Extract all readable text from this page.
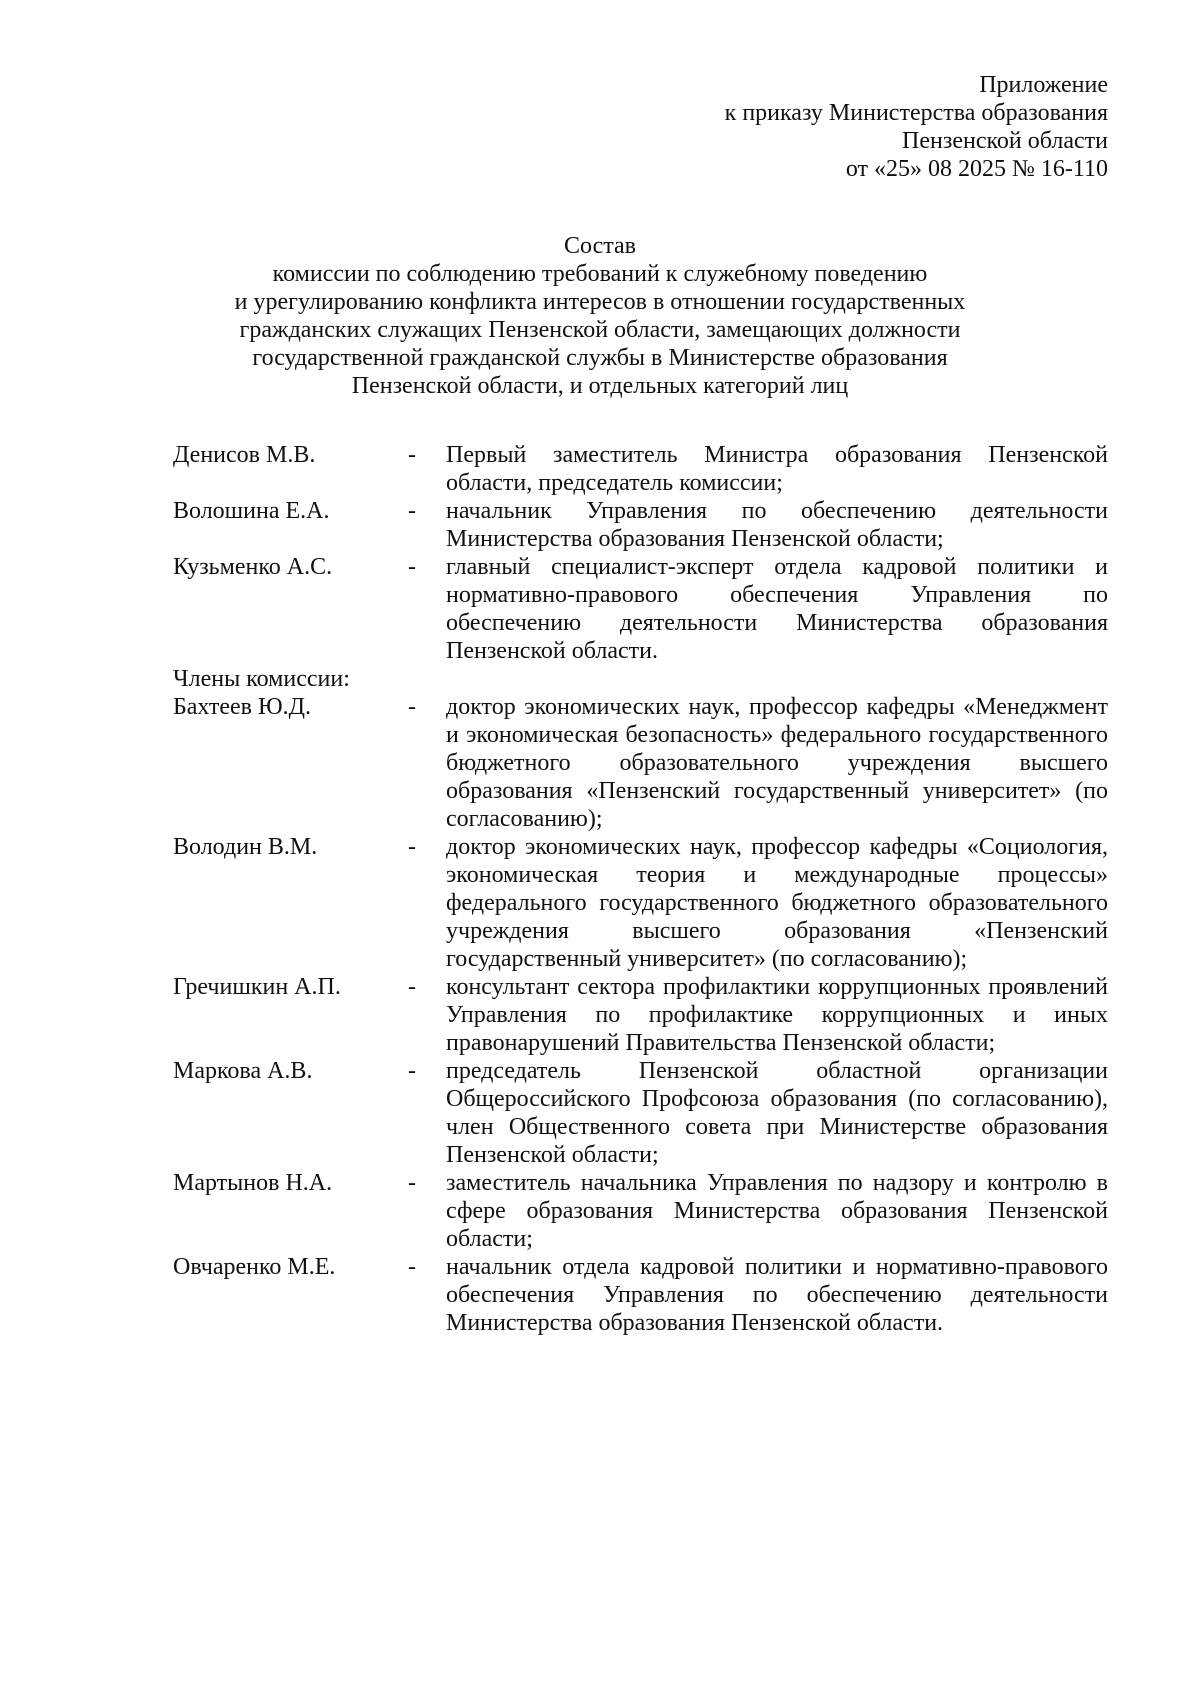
Приложение
к приказу Министерства образования
Пензенской области
от «25» 08 2025 № 16-110
Состав
комиссии по соблюдению требований к служебному поведению
и урегулированию конфликта интересов в отношении государственных
гражданских служащих Пензенской области, замещающих должности
государственной гражданской службы в Министерстве образования
Пензенской области, и отдельных категорий лиц
Денисов М.В.	-	Первый заместитель Министра образования Пензенской области, председатель комиссии;
Волошина Е.А.	-	начальник Управления по обеспечению деятельности Министерства образования Пензенской области;
Кузьменко А.С.	-	главный специалист-эксперт отдела кадровой политики и нормативно-правового обеспечения Управления по обеспечению деятельности Министерства образования Пензенской области.
Члены комиссии:
Бахтеев Ю.Д.	-	доктор экономических наук, профессор кафедры «Менеджмент и экономическая безопасность» федерального государственного бюджетного образовательного учреждения высшего образования «Пензенский государственный университет» (по согласованию);
Володин В.М.	-	доктор экономических наук, профессор кафедры «Социология, экономическая теория и международные процессы» федерального государственного бюджетного образовательного учреждения высшего образования «Пензенский государственный университет» (по согласованию);
Гречишкин А.П.	-	консультант сектора профилактики коррупционных проявлений Управления по профилактике коррупционных и иных правонарушений Правительства Пензенской области;
Маркова А.В.	-	председатель Пензенской областной организации Общероссийского Профсоюза образования (по согласованию), член Общественного совета при Министерстве образования Пензенской области;
Мартынов Н.А.	-	заместитель начальника Управления по надзору и контролю в сфере образования Министерства образования Пензенской области;
Овчаренко М.Е.	-	начальник отдела кадровой политики и нормативно-правового обеспечения Управления по обеспечению деятельности Министерства образования Пензенской области.
